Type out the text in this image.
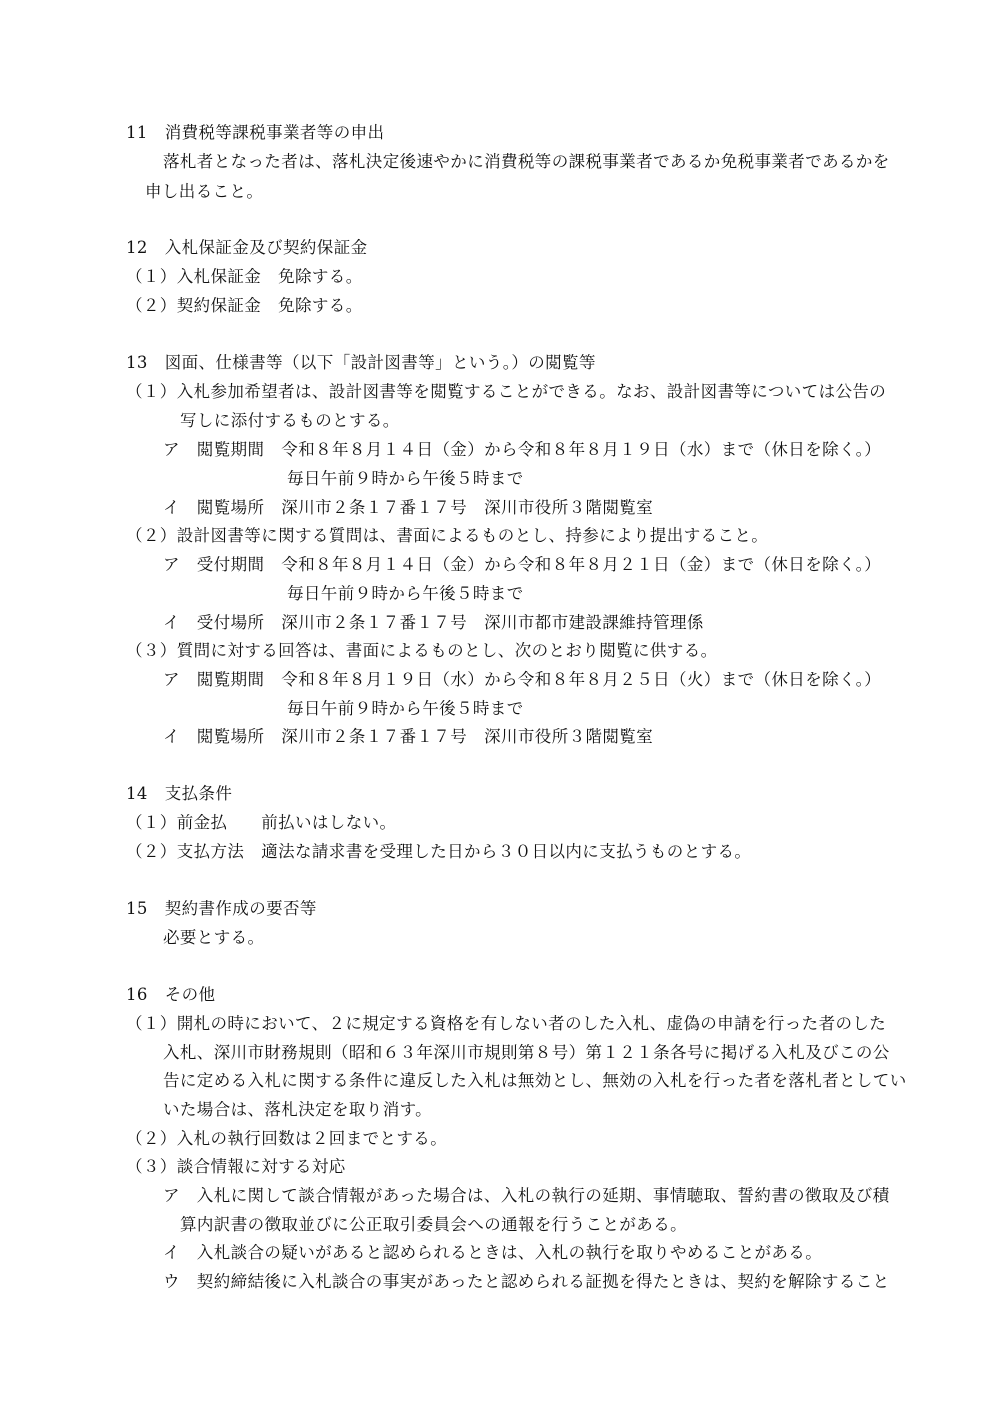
11　消費税等課税事業者等の申出
落札者となった者は、落札決定後速やかに消費税等の課税事業者であるか免税事業者であるかを
申し出ること。
12　入札保証金及び契約保証金
（１）入札保証金　免除する。
（２）契約保証金　免除する。
13　図面、仕様書等（以下「設計図書等」という。）の閲覧等
（１）入札参加希望者は、設計図書等を閲覧することができる。なお、設計図書等については公告の
写しに添付するものとする。
ア　閲覧期間　令和８年８月１４日（金）から令和８年８月１９日（水）まで（休日を除く。）
毎日午前９時から午後５時まで
イ　閲覧場所　深川市２条１７番１７号　深川市役所３階閲覧室
（２）設計図書等に関する質問は、書面によるものとし、持参により提出すること。
ア　受付期間　令和８年８月１４日（金）から令和８年８月２１日（金）まで（休日を除く。）
毎日午前９時から午後５時まで
イ　受付場所　深川市２条１７番１７号　深川市都市建設課維持管理係
（３）質問に対する回答は、書面によるものとし、次のとおり閲覧に供する。
ア　閲覧期間　令和８年８月１９日（水）から令和８年８月２５日（火）まで（休日を除く。）
毎日午前９時から午後５時まで
イ　閲覧場所　深川市２条１７番１７号　深川市役所３階閲覧室
14　支払条件
（１）前金払　　前払いはしない。
（２）支払方法　適法な請求書を受理した日から３０日以内に支払うものとする。
15　契約書作成の要否等
必要とする。
16　その他
（１）開札の時において、２に規定する資格を有しない者のした入札、虚偽の申請を行った者のした
入札、深川市財務規則（昭和６３年深川市規則第８号）第１２１条各号に掲げる入札及びこの公
告に定める入札に関する条件に違反した入札は無効とし、無効の入札を行った者を落札者としてい
いた場合は、落札決定を取り消す。
（２）入札の執行回数は２回までとする。
（３）談合情報に対する対応
ア　入札に関して談合情報があった場合は、入札の執行の延期、事情聴取、誓約書の徴取及び積
算内訳書の徴取並びに公正取引委員会への通報を行うことがある。
イ　入札談合の疑いがあると認められるときは、入札の執行を取りやめることがある。
ウ　契約締結後に入札談合の事実があったと認められる証拠を得たときは、契約を解除すること
